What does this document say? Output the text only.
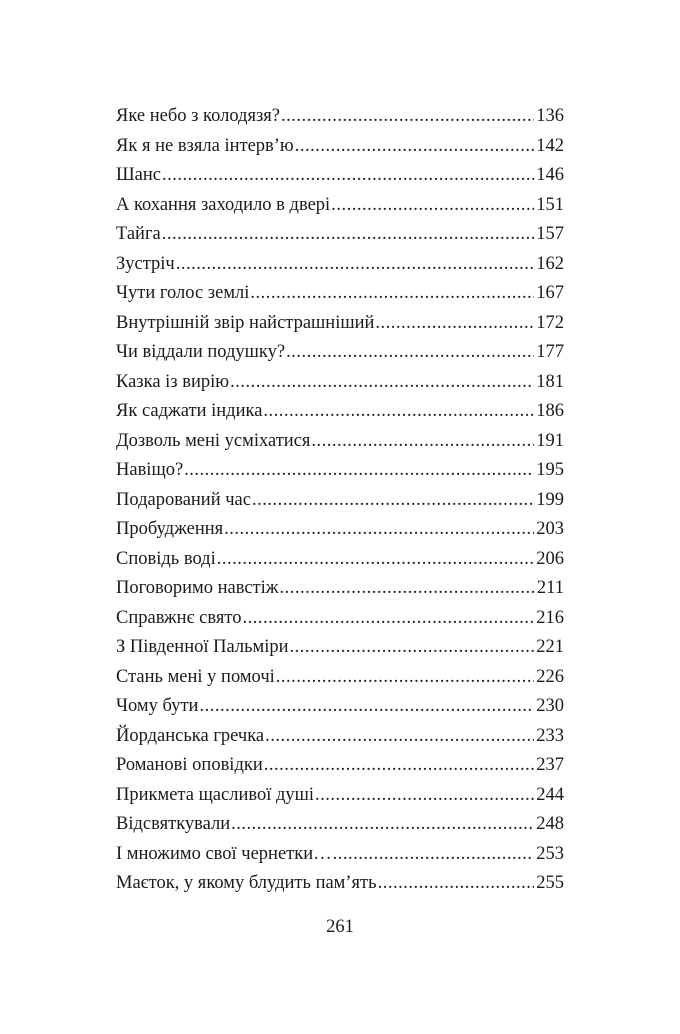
Яке небо з колодязя? .....	136
Як я не взяла інтерв’ю .....	142
Шанс .....	146
А кохання заходило в двері .....	151
Тайга .....	157
Зустріч .....	162
Чути голос землі .....	167
Внутрішній звір найстрашніший .....	172
Чи віддали подушку? .....	177
Казка із вирію .....	181
Як саджати індика .....	186
Дозволь мені усміхатися .....	191
Навіщо? .....	195
Подарований час .....	199
Пробудження .....	203
Сповідь воді .....	206
Поговоримо навстіж .....	211
Справжнє свято .....	216
З Південної Пальміри .....	221
Стань мені у помочі .....	226
Чому бути .....	230
Йорданська гречка .....	233
Романові оповідки .....	237
Прикмета щасливої душі .....	244
Відсвяткували .....	248
І множимо свої чернетки… .....	253
Маєток, у якому блудить пам’ять .....	255
261
